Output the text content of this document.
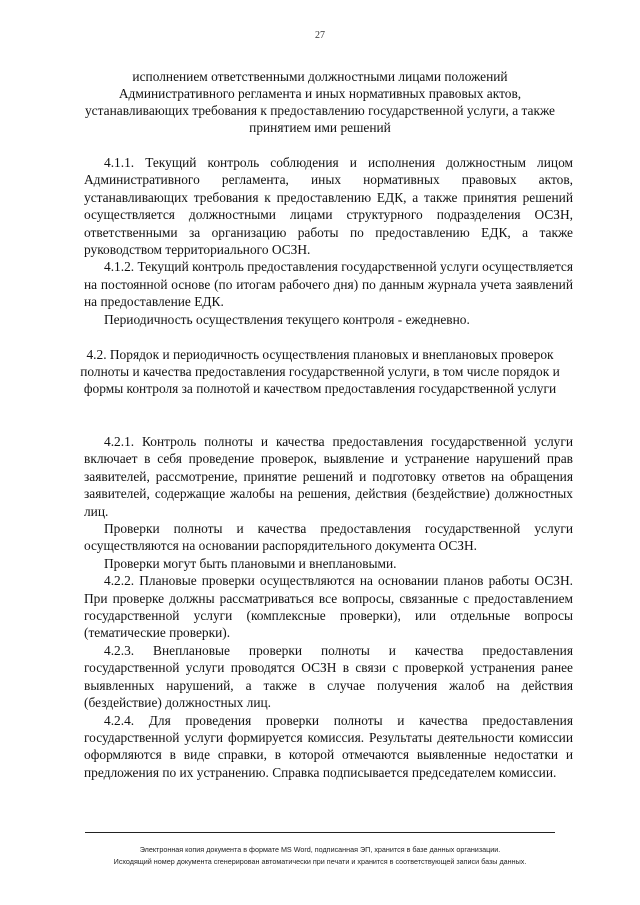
27
исполнением ответственными должностными лицами положений Административного регламента и иных нормативных правовых актов, устанавливающих требования к предоставлению государственной услуги, а также принятием ими решений

4.1.1. Текущий контроль соблюдения и исполнения должностным лицом Административного регламента, иных нормативных правовых актов, устанавливающих требования к предоставлению ЕДК, а также принятия решений осуществляется должностными лицами структурного подразделения ОСЗН, ответственными за организацию работы по предоставлению ЕДК, а также руководством территориального ОСЗН.

4.1.2. Текущий контроль предоставления государственной услуги осуществляется на постоянной основе (по итогам рабочего дня) по данным журнала учета заявлений на предоставление ЕДК.

Периодичность осуществления текущего контроля - ежедневно.

4.2. Порядок и периодичность осуществления плановых и внеплановых проверок полноты и качества предоставления государственной услуги, в том числе порядок и формы контроля за полнотой и качеством предоставления государственной услуги

4.2.1. Контроль полноты и качества предоставления государственной услуги включает в себя проведение проверок, выявление и устранение нарушений прав заявителей, рассмотрение, принятие решений и подготовку ответов на обращения заявителей, содержащие жалобы на решения, действия (бездействие) должностных лиц.

Проверки полноты и качества предоставления государственной услуги осуществляются на основании распорядительного документа ОСЗН.

Проверки могут быть плановыми и внеплановыми.

4.2.2. Плановые проверки осуществляются на основании планов работы ОСЗН. При проверке должны рассматриваться все вопросы, связанные с предоставлением государственной услуги (комплексные проверки), или отдельные вопросы (тематические проверки).

4.2.3. Внеплановые проверки полноты и качества предоставления государственной услуги проводятся ОСЗН в связи с проверкой устранения ранее выявленных нарушений, а также в случае получения жалоб на действия (бездействие) должностных лиц.

4.2.4. Для проведения проверки полноты и качества предоставления государственной услуги формируется комиссия. Результаты деятельности комиссии оформляются в виде справки, в которой отмечаются выявленные недостатки и предложения по их устранению. Справка подписывается председателем комиссии.

Электронная копия документа в формате MS Word, подписанная ЭП, хранится в базе данных организации.
Исходящий номер документа сгенерирован автоматически при печати и хранится в соответствующей записи базы данных.
